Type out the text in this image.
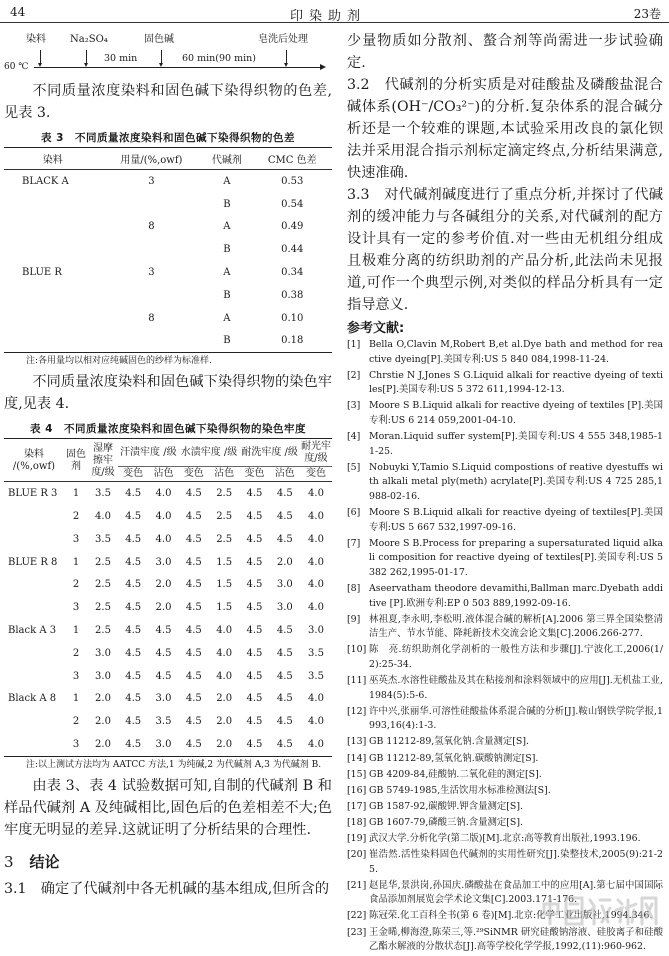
44	印染助剂	23卷
染料 Na₂SO₄	固色碱	皂洗后处理
60 ℃
30 min	60 min(90 min)

不同质量浓度染料和固色碱下染得织物的色差,见表 3.

表 3　不同质量浓度染料和固色碱下染得织物的色差
染料	用量/(%,owf)	代碱剂	CMC 色差
BLACK A	3	A	0.53
		B	0.54
	8	A	0.49
		B	0.44
BLUE R	3	A	0.34
		B	0.38
	8	A	0.10
		B	0.18
注:各用量均以相对应纯碱固色的纱样为标准样.

不同质量浓度染料和固色碱下染得织物的染色牢度,见表 4.

表 4　不同质量浓度染料和固色碱下染得织物的染色牢度
染料 /(%,owf)	固色剂	湿摩擦牢度/级	汗渍牢度 /级		水渍牢度 /级		耐洗牢度 /级		耐光牢度/级
			变色	沾色	变色	沾色	变色	沾色	变色
BLUE R 3	1	3.5	4.5	4.0	4.5	2.5	4.5	4.5	4.0
	2	4.0	4.5	4.0	4.5	2.5	4.5	4.5	4.0
	3	3.5	4.5	4.0	4.5	2.5	4.5	4.5	4.0
BLUE R 8	1	2.5	4.5	3.0	4.5	1.5	4.5	2.0	4.0
	2	2.5	4.5	2.0	4.5	1.5	4.5	3.0	4.0
	3	2.5	4.5	2.0	4.5	1.5	4.5	3.0	4.0
Black A 3	1	2.5	4.5	4.5	4.5	4.0	4.5	4.5	3.0
	2	3.0	4.5	4.5	4.5	4.0	4.5	4.5	3.5
	3	3.0	4.5	4.5	4.5	4.0	4.5	4.5	3.5
Black A 8	1	2.0	4.5	3.0	4.5	2.0	4.5	4.5	4.0
	2	2.0	4.5	3.5	4.5	2.0	4.5	4.5	4.0
	3	2.0	4.5	3.0	4.5	2.0	4.5	4.5	4.0
注:以上测试方法均为 AATCC 方法,1 为纯碱,2 为代碱剂 A,3 为代碱剂 B.

由表 3、表 4 试验数据可知,自制的代碱剂 B 和样品代碱剂 A 及纯碱相比,固色后的色差相差不大;色牢度无明显的差异.这就证明了分析结果的合理性.

3 结论

3.1　确定了代碱剂中各无机碱的基本组成,但所含的

少量物质如分散剂、螯合剂等尚需进一步试验确定.

3.2　代碱剂的分析实质是对硅酸盐及磷酸盐混合碱体系(OH⁻/CO₃²⁻)的分析.复杂体系的混合碱分析还是一个较难的课题,本试验采用改良的氯化钡法并采用混合指示剂标定滴定终点,分析结果满意,快速准确.

3.3　对代碱剂碱度进行了重点分析,并探讨了代碱剂的缓冲能力与各碱组分的关系,对代碱剂的配方设计具有一定的参考价值.对一些由无机组分组成且极难分离的纺织助剂的产品分析,此法尚未见报道,可作一个典型示例,对类似的样品分析具有一定指导意义.

参考文献:
[1] Bella O,Clavin M,Robert B,et al.Dye bath and method for reactive dyeing[P].美国专利:US 5 840 084,1998-11-24.
[2] Chrstie N J,Jones S G.Liquid alkali for reactive dyeing of textiles[P].美国专利:US 5 372 611,1994-12-13.
[3] Moore S B.Liquid alkali for reactive dyeing of textiles [P].美国专利:US 6 214 059,2001-04-10.
[4] Moran.Liquid suffer system[P].美国专利:US 4 555 348,1985-11-25.
[5] Nobuyki Y,Tamio S.Liquid compostions of reative dyestuffs with alkali metal ply(meth) acrylate[P].美国专利:US 4 725 285,1988-02-16.
[6] Moore S B.Liquid alkali for reactive dyeing of textiles[P].美国专利:US 5 667 532,1997-09-16.
[7] Moore S B.Process for preparing a supersaturated liquid alkali composition for reactive dyeing of textiles[P].美国专利:US 5 382 262,1995-01-17.
[8] Aseervatham theodore devamithi,Ballman marc.Dyebath additive [P].欧洲专利:EP 0 503 889,1992-09-16.
[9] 林祖夏,李永明,李松明.液体混合碱的解析[A].2006 第三界全国染整清洁生产、节水节能、降耗新技术交流会论文集[C].2006.266-277.
[10] 陈　亮.纺织助剂化学剖析的一般性方法和步骤[J].宁波化工,2006(1/2):25-34.
[11] 巫英杰.水溶性硅酸盐及其在粘接剂和涂料领域中的应用[J].无机盐工业,1984(5):5-6.
[12] 许中兴,张丽华.可溶性硅酸盐体系混合碱的分析[J].鞍山钢铁学院学报,1993,16(4):1-3.
[13] GB 11212-89,氢氧化钠.含量测定[S].
[14] GB 11212-89,氢氧化钠.碳酸钠测定[S].
[15] GB 4209-84,硅酸钠.二氧化硅的测定[S].
[16] GB 5749-1985,生活饮用水标准检测法[S].
[17] GB 1587-92,碳酸钾.钾含量测定[S].
[18] GB 1607-79,磷酸三钠.含量测定[S].
[19] 武汉大学.分析化学(第二版)[M].北京:高等教育出版社,1993.196.
[20] 崔浩然.活性染料固色代碱剂的实用性研究[J].染整技术,2005(9):21-25.
[21] 赵昆华,景洪岗,孙国庆.磷酸盐在食品加工中的应用[A].第七届中国国际食品添加剂展览会学术论文集[C].2003.171-176.
[22] 陈冠荣.化工百科全书(第 6 卷)[M].北京:化学工业出版社,1994.346.
[23] 王金晞,柳海澄,陈荣三,等.²⁹SiNMR 研究硅酸钠溶液、硅胶离子和硅酸乙酯水解液的分散状态[J].高等学校化学学报,1992,(11):960-962.
